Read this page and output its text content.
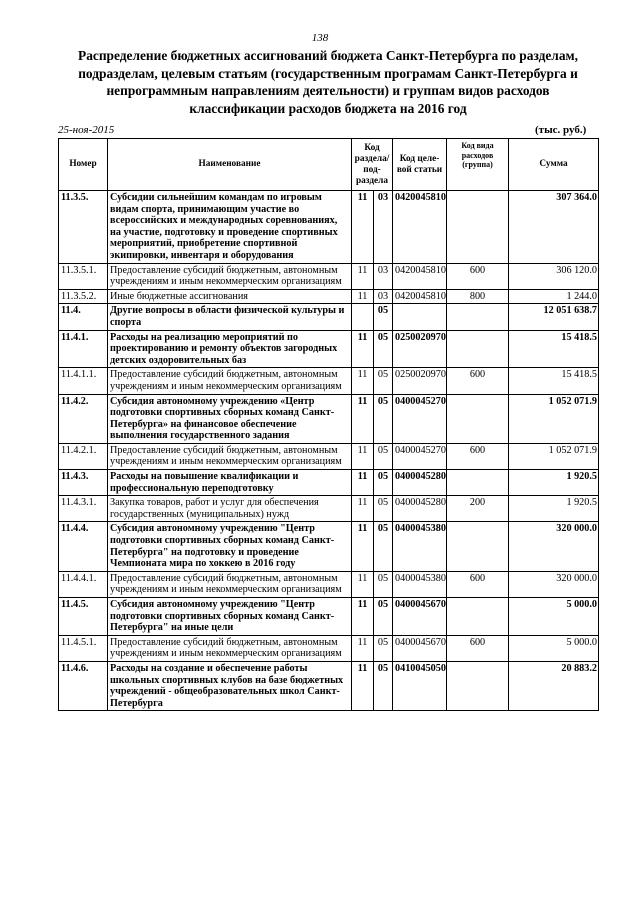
138
Распределение бюджетных ассигнований бюджета Санкт-Петербурга по разделам, подразделам, целевым статьям (государственным програмам Санкт-Петербурга и непрограммным направлениям деятельности) и группам видов расходов классификации расходов бюджета на 2016 год
25-ноя-2015	(тыс. руб.)
Номер	Наименование	Код раздела/ под- раздела		Код целе- вой статьи	Код вида расходов (группа)	Сумма
11.3.5.	Субсидии сильнейшим командам по игровым видам спорта, принимающим участие во всероссийских и международных соревнованиях, на участие, подготовку и проведение спортивных мероприятий, приобретение спортивной экипировки, инвентаря и оборудования	11	03	0420045810		307 364.0
11.3.5.1.	Предоставление субсидий бюджетным, автономным учреждениям и иным некоммерческим организациям	11	03	0420045810	600	306 120.0
11.3.5.2.	Иные бюджетные ассигнования	11	03	0420045810	800	1 244.0
11.4.	Другие вопросы в области физической культуры и спорта		05			12 051 638.7
11.4.1.	Расходы на реализацию мероприятий по проектированию и ремонту объектов загородных детских оздоровительных баз	11	05	0250020970		15 418.5
11.4.1.1.	Предоставление субсидий бюджетным, автономным учреждениям и иным некоммерческим организациям	11	05	0250020970	600	15 418.5
11.4.2.	Субсидия автономному учреждению «Центр подготовки спортивных сборных команд Санкт-Петербурга» на финансовое обеспечение выполнения государственного задания	11	05	0400045270		1 052 071.9
11.4.2.1.	Предоставление субсидий бюджетным, автономным учреждениям и иным некоммерческим организациям	11	05	0400045270	600	1 052 071.9
11.4.3.	Расходы на повышение квалификации и профессиональную переподготовку	11	05	0400045280		1 920.5
11.4.3.1.	Закупка товаров, работ и услуг для обеспечения государственных (муниципальных) нужд	11	05	0400045280	200	1 920.5
11.4.4.	Субсидия автономному учреждению "Центр подготовки спортивных сборных команд Санкт-Петербурга" на подготовку и проведение Чемпионата мира по хоккею в 2016 году	11	05	0400045380		320 000.0
11.4.4.1.	Предоставление субсидий бюджетным, автономным учреждениям и иным некоммерческим организациям	11	05	0400045380	600	320 000.0
11.4.5.	Субсидия автономному учреждению "Центр подготовки спортивных сборных команд Санкт-Петербурга" на иные цели	11	05	0400045670		5 000.0
11.4.5.1.	Предоставление субсидий бюджетным, автономным учреждениям и иным некоммерческим организациям	11	05	0400045670	600	5 000.0
11.4.6.	Расходы на создание и обеспечение работы школьных спортивных клубов на базе бюджетных учреждений - общеобразовательных школ Санкт-Петербурга	11	05	0410045050		20 883.2
